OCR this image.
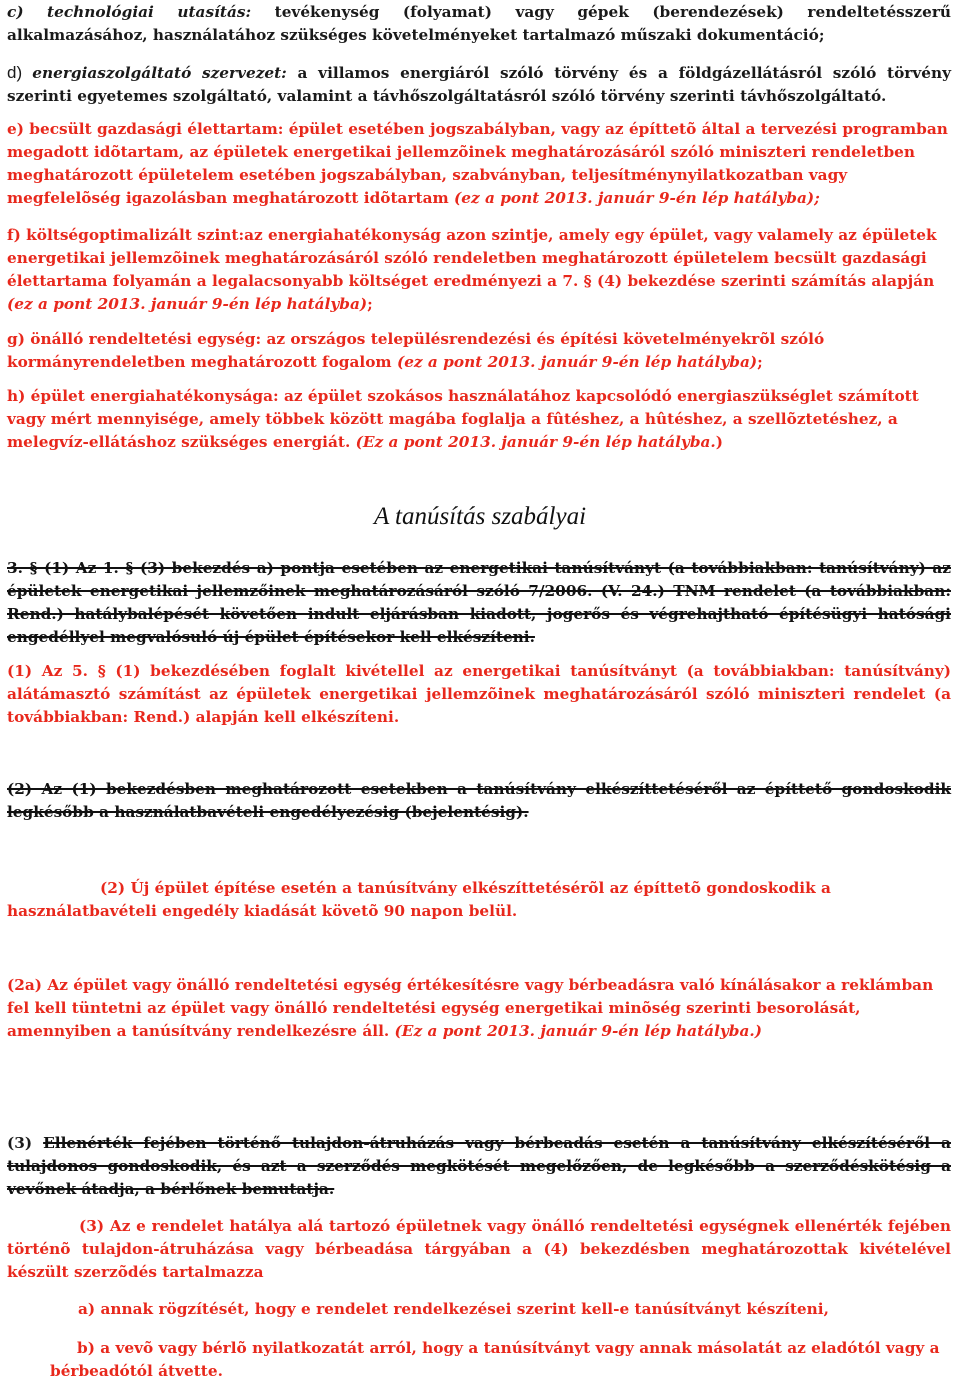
c) technológiai utasítás: tevékenység (folyamat) vagy gépek (berendezések) rendeltetésszerű alkalmazásához, használatához szükséges követelményeket tartalmazó műszaki dokumentáció;

d) energiaszolgáltató szervezet: a villamos energiáról szóló törvény és a földgázellátásról szóló törvény szerinti egyetemes szolgáltató, valamint a távhőszolgáltatásról szóló törvény szerinti távhőszolgáltató.

e) becsült gazdasági élettartam: épület esetében jogszabályban, vagy az építtetõ által a tervezési programban megadott idõtartam, az épületek energetikai jellemzõinek meghatározásáról szóló miniszteri rendeletben meghatározott épületelem esetében jogszabályban, szabványban, teljesítménynyilatkozatban vagy megfelelõség igazolásban meghatározott idõtartam (ez a pont 2013. január 9-én lép hatályba);

f) költségoptimalizált szint:az energiahatékonyság azon szintje, amely egy épület, vagy valamely az épületek energetikai jellemzõinek meghatározásáról szóló rendeletben meghatározott épületelem becsült gazdasági élettartama folyamán a legalacsonyabb költséget eredményezi a 7. § (4) bekezdése szerinti számítás alapján (ez a pont 2013. január 9-én lép hatályba);

g) önálló rendeltetési egység: az országos településrendezési és építési követelményekrõl szóló kormányrendeletben meghatározott fogalom (ez a pont 2013. január 9-én lép hatályba);

h) épület energiahatékonysága: az épület szokásos használatához kapcsolódó energiaszükséglet számított vagy mért mennyisége, amely többek között magába foglalja a fûtéshez, a hûtéshez, a szellõztetéshez, a melegvíz-ellátáshoz szükséges energiát. (Ez a pont 2013. január 9-én lép hatályba.)

A tanúsítás szabályai

3. § (1) Az 1. § (3) bekezdés a) pontja esetében az energetikai tanúsítványt (a továbbiakban: tanúsítvány) az épületek energetikai jellemzőinek meghatározásáról szóló 7/2006. (V. 24.) TNM rendelet (a továbbiakban: Rend.) hatálybalépését követően indult eljárásban kiadott, jogerős és végrehajtható építésügyi hatósági engedéllyel megvalósuló új épület építésekor kell elkészíteni.

(1) Az 5. § (1) bekezdésében foglalt kivétellel az energetikai tanúsítványt (a továbbiakban: tanúsítvány) alátámasztó számítást az épületek energetikai jellemzõinek meghatározásáról szóló miniszteri rendelet (a továbbiakban: Rend.) alapján kell elkészíteni.

(2) Az (1) bekezdésben meghatározott esetekben a tanúsítvány elkészíttetéséről az építtető gondoskodik legkésőbb a használatbavételi engedélyezésig (bejelentésig).

(2) Új épület építése esetén a tanúsítvány elkészíttetésérõl az építtetõ gondoskodik a használatbavételi engedély kiadását követõ 90 napon belül.

(2a) Az épület vagy önálló rendeltetési egység értékesítésre vagy bérbeadásra való kínálásakor a reklámban fel kell tüntetni az épület vagy önálló rendeltetési egység energetikai minõség szerinti besorolását, amennyiben a tanúsítvány rendelkezésre áll. (Ez a pont 2013. január 9-én lép hatályba.)

(3) Ellenérték fejében történő tulajdon-átruházás vagy bérbeadás esetén a tanúsítvány elkészítéséről a tulajdonos gondoskodik, és azt a szerződés megkötését megelőzően, de legkésőbb a szerződéskötésig a vevőnek átadja, a bérlőnek bemutatja.

(3) Az e rendelet hatálya alá tartozó épületnek vagy önálló rendeltetési egységnek ellenérték fejében történõ tulajdon-átruházása vagy bérbeadása tárgyában a (4) bekezdésben meghatározottak kivételével készült szerzõdés tartalmazza

a) annak rögzítését, hogy e rendelet rendelkezései szerint kell-e tanúsítványt készíteni,

b) a vevõ vagy bérlõ nyilatkozatát arról, hogy a tanúsítványt vagy annak másolatát az eladótól vagy a bérbeadótól átvette.
